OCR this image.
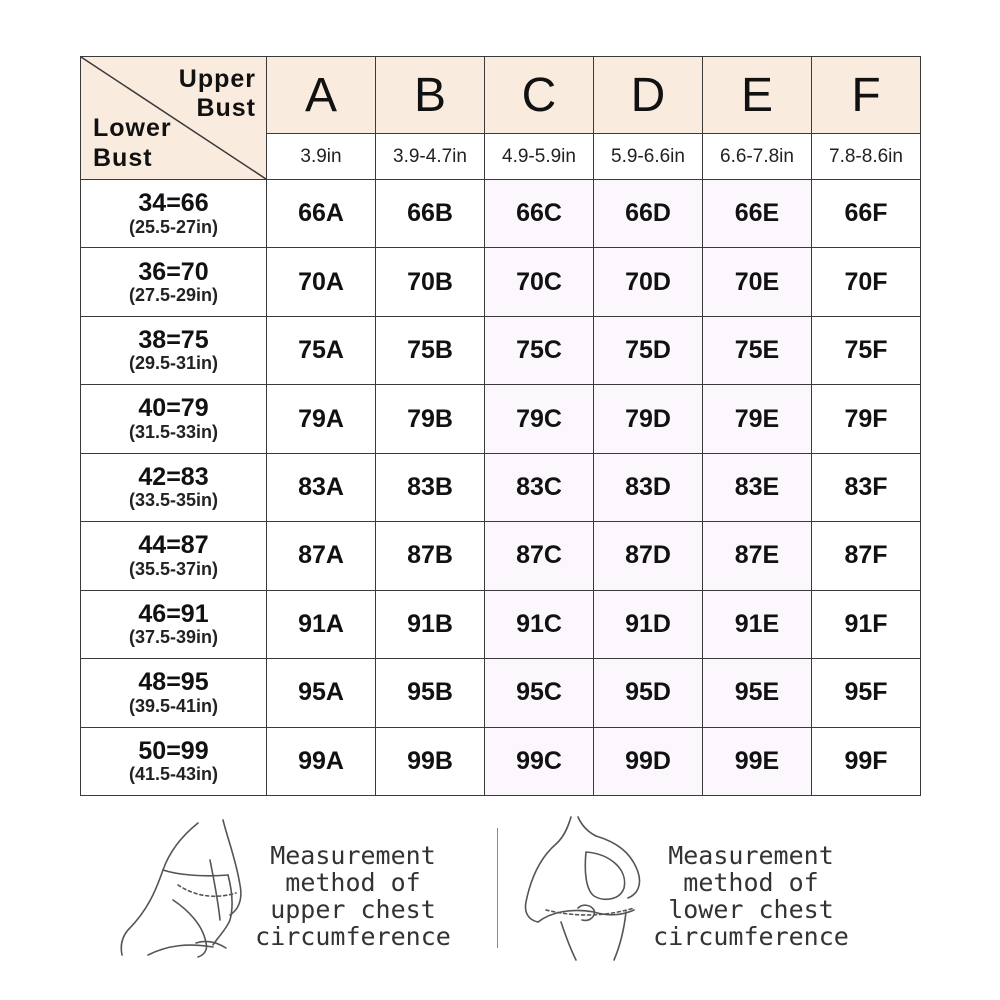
Upper
Bust
Lower
Bust	A	B	C	D	E	F
	3.9in	3.9-4.7in	4.9-5.9in	5.9-6.6in	6.6-7.8in	7.8-8.6in

34=66
(25.5-27in)	66A	66B	66C	66D	66E	66F

36=70
(27.5-29in)	70A	70B	70C	70D	70E	70F

38=75
(29.5-31in)	75A	75B	75C	75D	75E	75F

40=79
(31.5-33in)	79A	79B	79C	79D	79E	79F

42=83
(33.5-35in)	83A	83B	83C	83D	83E	83F

44=87
(35.5-37in)	87A	87B	87C	87D	87E	87F

46=91
(37.5-39in)	91A	91B	91C	91D	91E	91F

48=95
(39.5-41in)	95A	95B	95C	95D	95E	95F

50=99
(41.5-43in)	99A	99B	99C	99D	99E	99F
Measurement
method of
upper chest
circumference
Measurement
method of
lower chest
circumference
